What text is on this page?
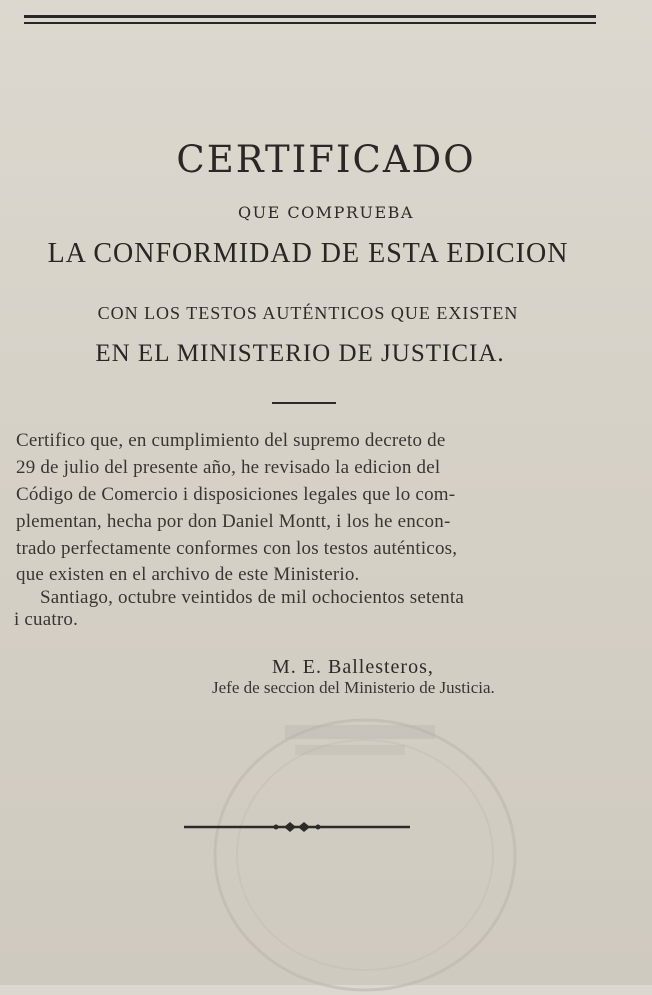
CERTIFICADO
QUE COMPRUEBA
LA CONFORMIDAD DE ESTA EDICION
CON LOS TESTOS AUTÉNTICOS QUE EXISTEN
EN EL MINISTERIO DE JUSTICIA.
Certifico que, en cumplimiento del supremo decreto de
29 de julio del presente año, he revisado la edicion del
Código de Comercio i disposiciones legales que lo com-
plementan, hecha por don Daniel Montt, i los he encon-
trado perfectamente conformes con los testos auténticos,
que existen en el archivo de este Ministerio.
Santiago, octubre veintidos de mil ochocientos setenta
i cuatro.
M. E. Ballesteros,
Jefe de seccion del Ministerio de Justicia.
